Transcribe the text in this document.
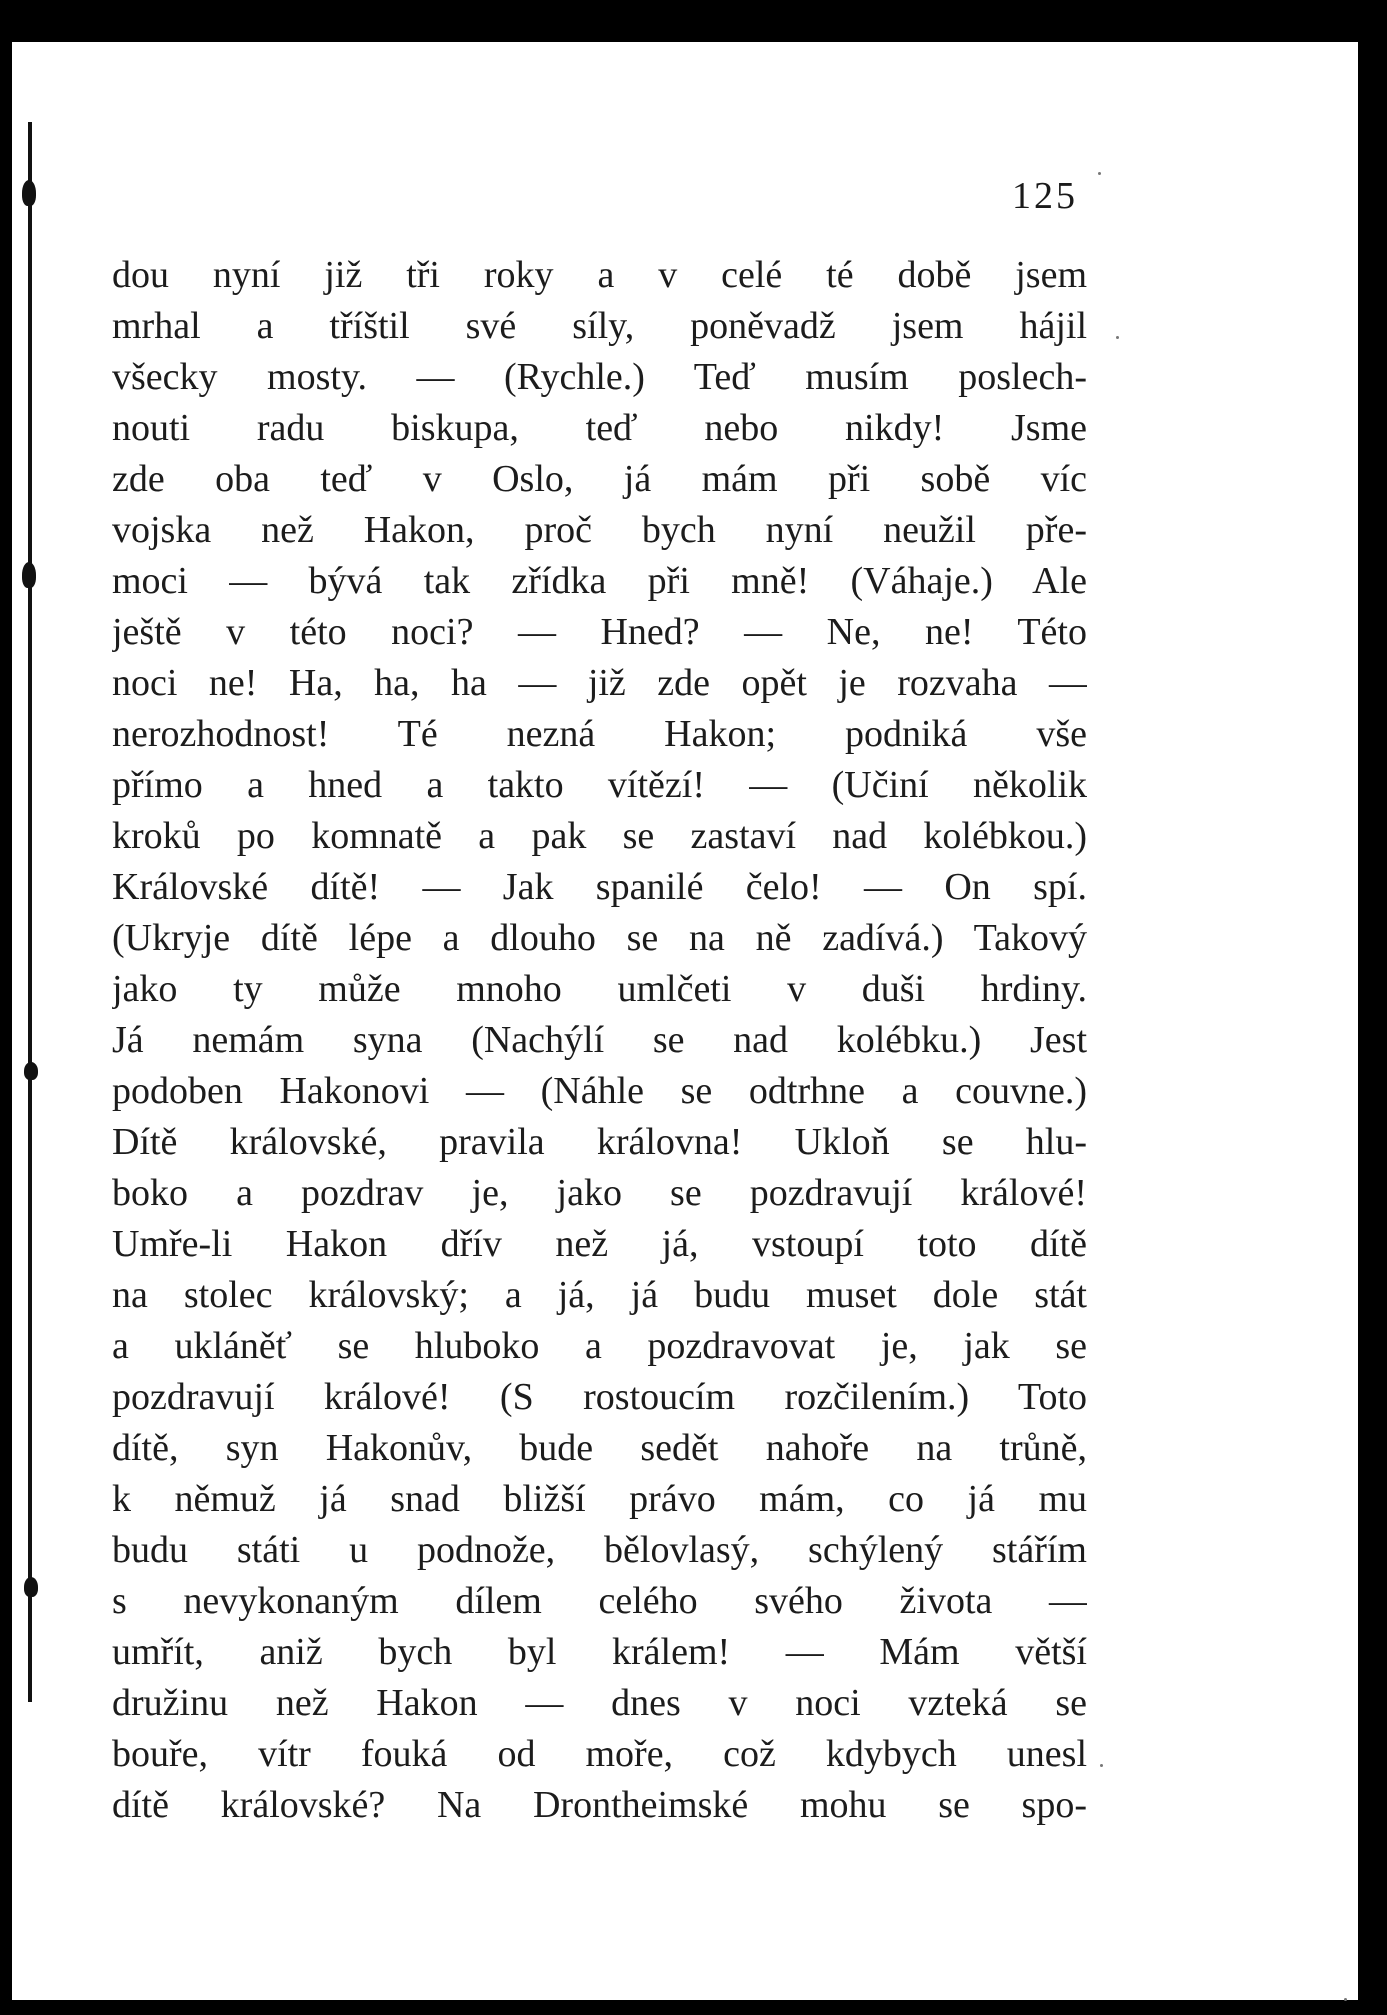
125
dou nyní již tři roky a v celé té době jsem
mrhal a tříštil své síly, poněvadž jsem hájil
všecky mosty. — (Rychle.) Teď musím poslech-
nouti radu biskupa, teď nebo nikdy! Jsme
zde oba teď v Oslo, já mám při sobě víc
vojska než Hakon, proč bych nyní neužil pře-
moci — bývá tak zřídka při mně! (Váhaje.) Ale
ještě v této noci? — Hned? — Ne, ne! Této
noci ne! Ha, ha, ha — již zde opět je rozvaha —
nerozhodnost! Té nezná Hakon; podniká vše
přímo a hned a takto vítězí! — (Učiní několik
kroků po komnatě a pak se zastaví nad kolébkou.)
Královské dítě! — Jak spanilé čelo! — On spí.
(Ukryje dítě lépe a dlouho se na ně zadívá.) Takový
jako ty může mnoho umlčeti v duši hrdiny.
Já nemám syna (Nachýlí se nad kolébku.) Jest
podoben Hakonovi — (Náhle se odtrhne a couvne.)
Dítě královské, pravila královna! Ukloň se hlu-
boko a pozdrav je, jako se pozdravují králové!
Umře-li Hakon dřív než já, vstoupí toto dítě
na stolec královský; a já, já budu muset dole stát
a ukláněť se hluboko a pozdravovat je, jak se
pozdravují králové! (S rostoucím rozčilením.) Toto
dítě, syn Hakonův, bude sedět nahoře na trůně,
k němuž já snad bližší právo mám, co já mu
budu státi u podnože, bělovlasý, schýlený stářím
s nevykonaným dílem celého svého života —
umřít, aniž bych byl králem! — Mám větší
družinu než Hakon — dnes v noci vzteká se
bouře, vítr fouká od moře, což kdybych unesl
dítě královské? Na Dronthеimské mohu se spo-
